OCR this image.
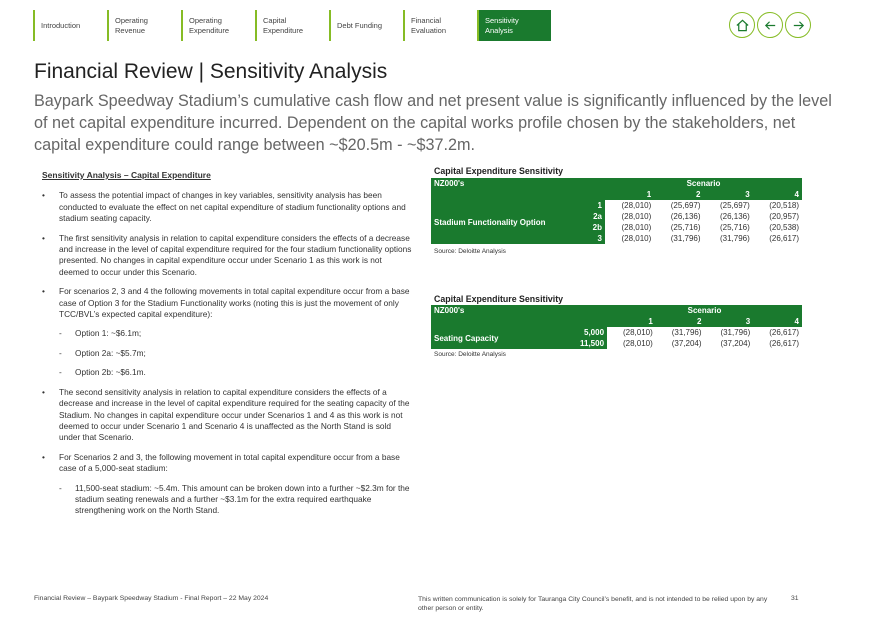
Introduction
Operating Revenue
Operating Expenditure
Capital Expenditure
Debt Funding
Financial Evaluation
Sensitivity Analysis
Financial Review | Sensitivity Analysis

Baypark Speedway Stadium’s cumulative cash flow and net present value is significantly influenced by the level of net capital expenditure incurred. Dependent on the capital works profile chosen by the stakeholders, net capital expenditure could range between ~$20.5m - ~$37.2m.

Sensitivity Analysis – Capital Expenditure
• To assess the potential impact of changes in key variables, sensitivity analysis has been conducted to evaluate the effect on net capital expenditure of stadium functionality options and stadium seating capacity.
• The first sensitivity analysis in relation to capital expenditure considers the effects of a decrease and increase in the level of capital expenditure required for the four stadium functionality options presented. No changes in capital expenditure occur under Scenario 1 as this work is not deemed to occur under this Scenario.
• For scenarios 2, 3 and 4 the following movements in total capital expenditure occur from a base case of Option 3 for the Stadium Functionality works (noting this is just the movement of only TCC/BVL’s expected capital expenditure):
- Option 1: ~$6.1m;
- Option 2a: ~$5.7m;
- Option 2b: ~$6.1m.
• The second sensitivity analysis in relation to capital expenditure considers the effects of a decrease and increase in the level of capital expenditure required for the seating capacity of the Stadium. No changes in capital expenditure occur under Scenarios 1 and 4 as this work is not deemed to occur under Scenario 1 and Scenario 4 is unaffected as the North Stand is sold under that Scenario.
• For Scenarios 2 and 3, the following movement in total capital expenditure occur from a base case of a 5,000-seat stadium:
- 11,500-seat stadium: ~5.4m. This amount can be broken down into a further ~$2.3m for the stadium seating renewals and a further ~$3.1m for the extra required earthquake strengthening work on the North Stand.
Capital Expenditure Sensitivity
NZ000's		Scenario			
		1	2	3	4
Stadium Functionality Option	1	(28,010)	(25,697)	(25,697)	(20,518)
	2a	(28,010)	(26,136)	(26,136)	(20,957)
	2b	(28,010)	(25,716)	(25,716)	(20,538)
	3	(28,010)	(31,796)	(31,796)	(26,617)
Source: Deloitte Analysis
Capital Expenditure Sensitivity
NZ000's		Scenario			
		1	2	3	4
Seating Capacity	5,000	(28,010)	(31,796)	(31,796)	(26,617)
	11,500	(28,010)	(37,204)	(37,204)	(26,617)
Source: Deloitte Analysis
Financial Review – Baypark Speedway Stadium - Final Report – 22 May 2024	This written communication is solely for Tauranga City Council’s benefit, and is not intended to be relied upon by any other person or entity.
31
